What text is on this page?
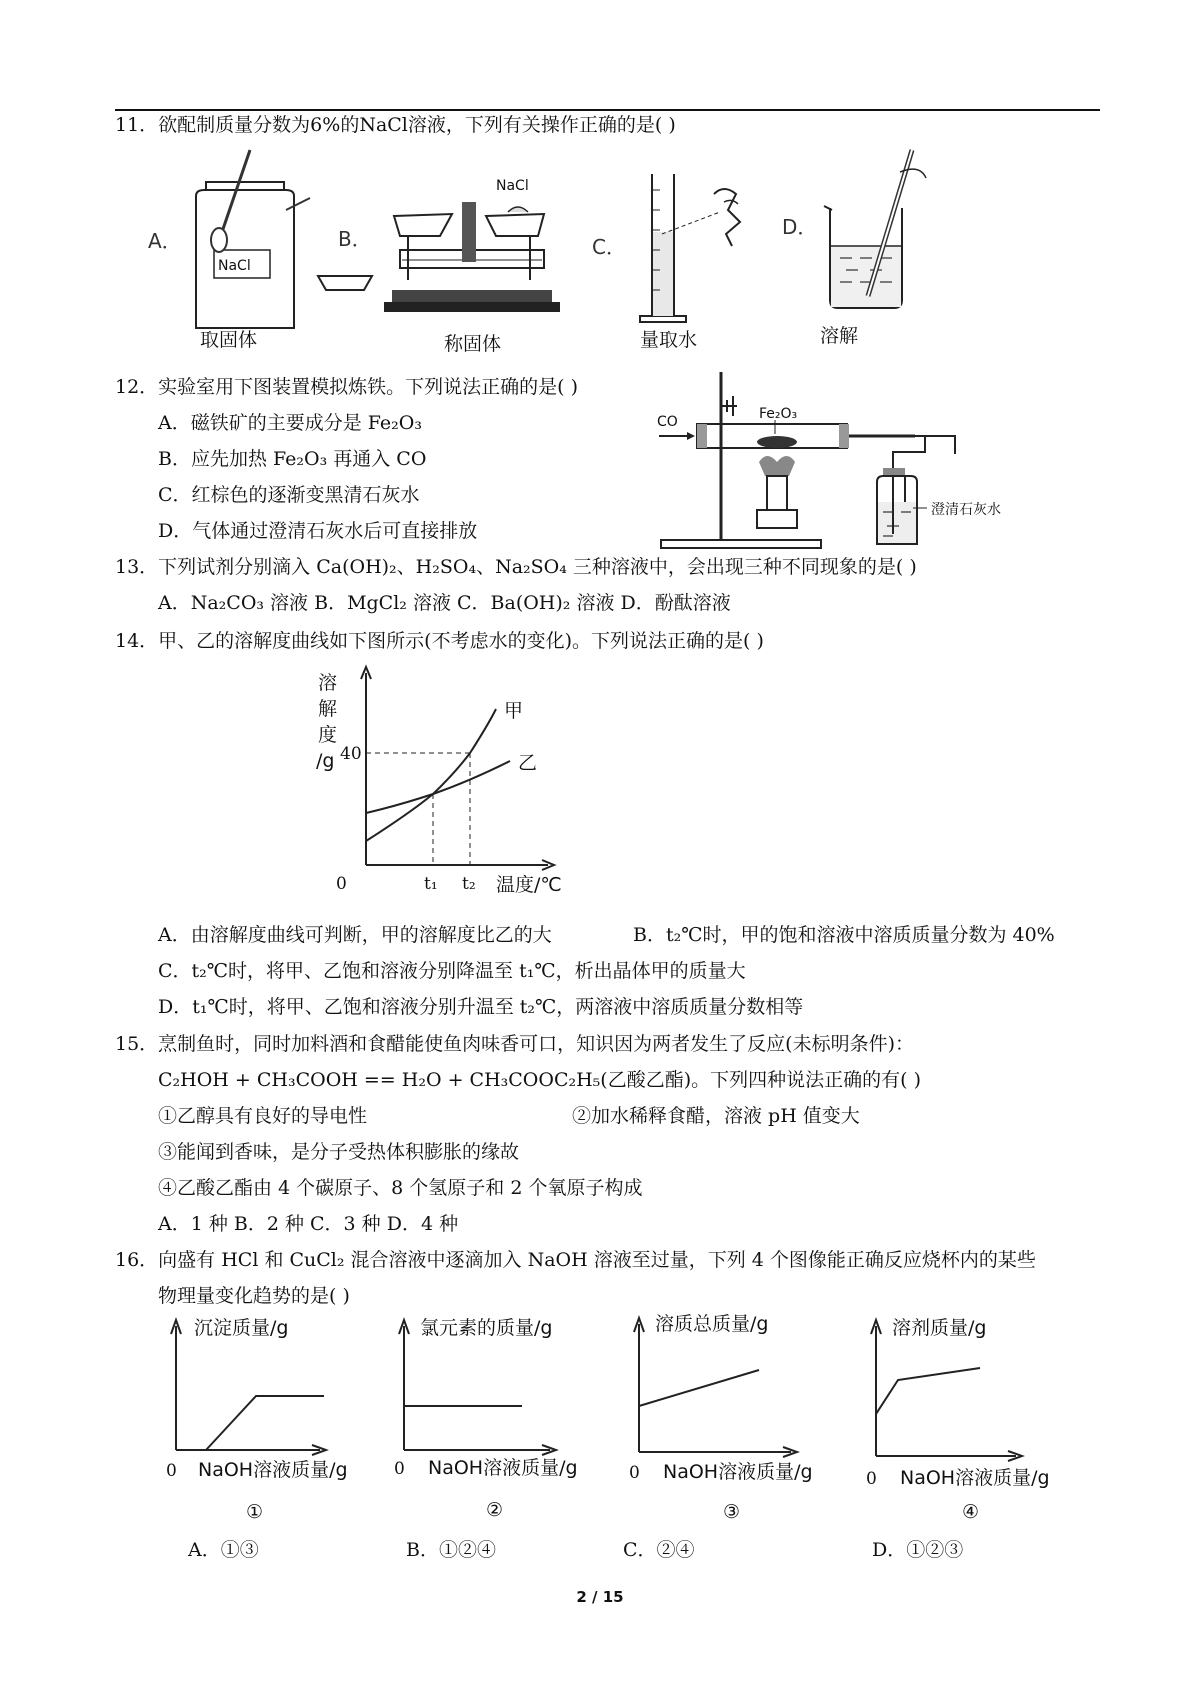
11．欲配制质量分数为6%的NaCl溶液，下列有关操作正确的是( )
A．
NaCl
取固体
B．
NaCl
称固体
C．
量取水
D．
溶解
12．实验室用下图装置模拟炼铁。下列说法正确的是( )
A．磁铁矿的主要成分是 Fe₂O₃
B．应先加热 Fe₂O₃ 再通入 CO
C．红棕色的逐渐变黑清石灰水
D．气体通过澄清石灰水后可直接排放
CO	Fe₂O₃
澄清石灰水
13．下列试剂分别滴入 Ca(OH)₂、H₂SO₄、Na₂SO₄ 三种溶液中，会出现三种不同现象的是( )
A．Na₂CO₃ 溶液 B．MgCl₂ 溶液 C．Ba(OH)₂ 溶液 D．酚酞溶液
14．甲、乙的溶解度曲线如下图所示(不考虑水的变化)。下列说法正确的是( )
溶
解
度
/g 40
甲
乙
0	t₁ t₂ 温度/℃
A．由溶解度曲线可判断，甲的溶解度比乙的大	B．t₂℃时，甲的饱和溶液中溶质质量分数为 40%
C．t₂℃时，将甲、乙饱和溶液分别降温至 t₁℃，析出晶体甲的质量大
D．t₁℃时，将甲、乙饱和溶液分别升温至 t₂℃，两溶液中溶质质量分数相等
15．烹制鱼时，同时加料酒和食醋能使鱼肉味香可口，知识因为两者发生了反应(未标明条件)：
C₂HOH + CH₃COOH == H₂O + CH₃COOC₂H₅(乙酸乙酯)。下列四种说法正确的有( )
①乙醇具有良好的导电性	②加水稀释食醋，溶液 pH 值变大
③能闻到香味，是分子受热体积膨胀的缘故
④乙酸乙酯由 4 个碳原子、8 个氢原子和 2 个氧原子构成
A．1 种 B．2 种 C．3 种 D．4 种
16．向盛有 HCl 和 CuCl₂ 混合溶液中逐滴加入 NaOH 溶液至过量，下列 4 个图像能正确反应烧杯内的某些
物理量变化趋势的是( )
沉淀质量/g
0 NaOH溶液质量/g
①
氯元素的质量/g
0 NaOH溶液质量/g
②
溶质总质量/g
0 NaOH溶液质量/g
③
溶剂质量/g
0 NaOH溶液质量/g
④
A．①③	B．①②④	C．②④	D．①②③
2 / 15
